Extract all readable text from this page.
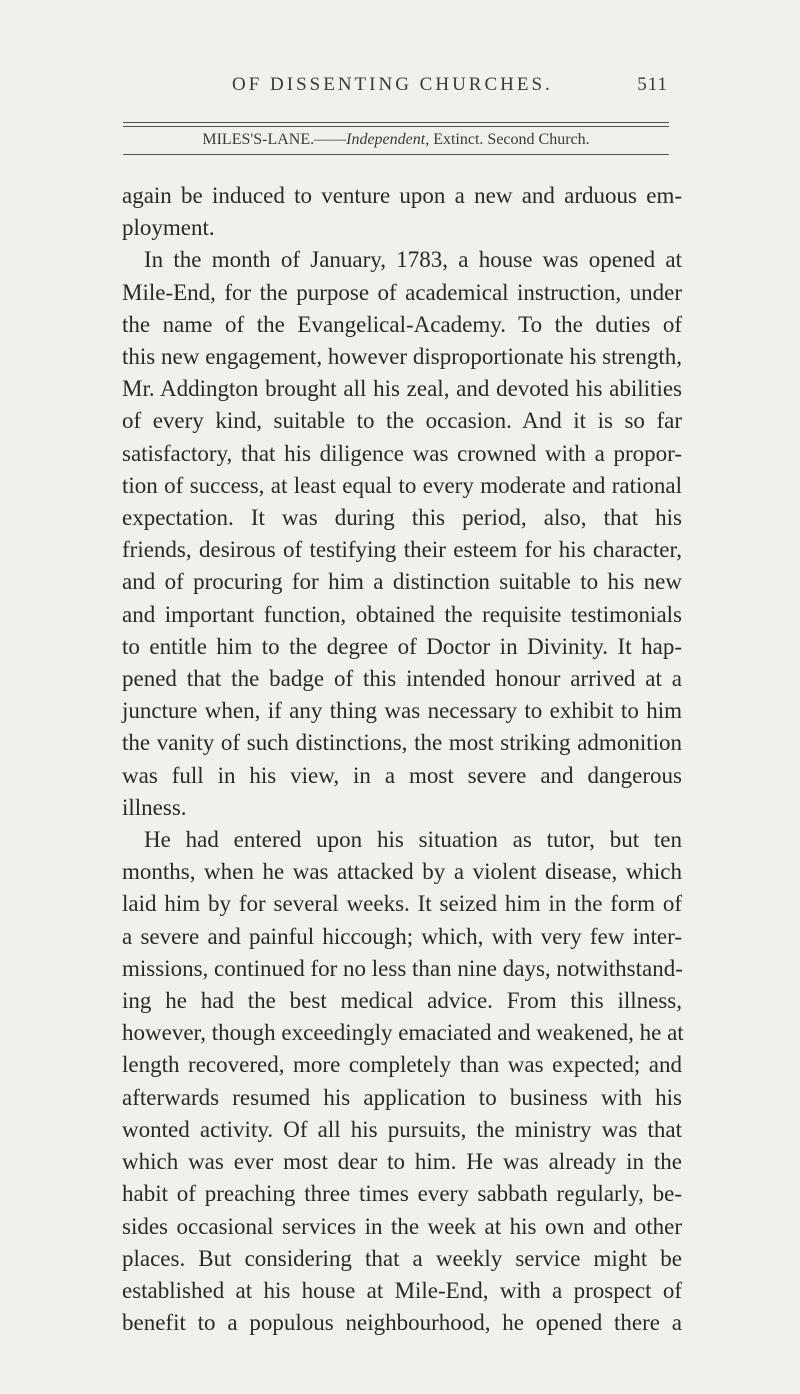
OF DISSENTING CHURCHES.	511
MILES'S-LANE.——Independent, Extinct. Second Church.
again be induced to venture upon a new and arduous em-
ployment.
In the month of January, 1783, a house was opened at
Mile-End, for the purpose of academical instruction, under
the name of the Evangelical-Academy. To the duties of
this new engagement, however disproportionate his strength,
Mr. Addington brought all his zeal, and devoted his abilities
of every kind, suitable to the occasion. And it is so far
satisfactory, that his diligence was crowned with a propor-
tion of success, at least equal to every moderate and rational
expectation. It was during this period, also, that his
friends, desirous of testifying their esteem for his character,
and of procuring for him a distinction suitable to his new
and important function, obtained the requisite testimonials
to entitle him to the degree of Doctor in Divinity. It hap-
pened that the badge of this intended honour arrived at a
juncture when, if any thing was necessary to exhibit to him
the vanity of such distinctions, the most striking admonition
was full in his view, in a most severe and dangerous
illness.
He had entered upon his situation as tutor, but ten
months, when he was attacked by a violent disease, which
laid him by for several weeks. It seized him in the form of
a severe and painful hiccough; which, with very few inter-
missions, continued for no less than nine days, notwithstand-
ing he had the best medical advice. From this illness,
however, though exceedingly emaciated and weakened, he at
length recovered, more completely than was expected; and
afterwards resumed his application to business with his
wonted activity. Of all his pursuits, the ministry was that
which was ever most dear to him. He was already in the
habit of preaching three times every sabbath regularly, be-
sides occasional services in the week at his own and other
places. But considering that a weekly service might be
established at his house at Mile-End, with a prospect of
benefit to a populous neighbourhood, he opened there a
